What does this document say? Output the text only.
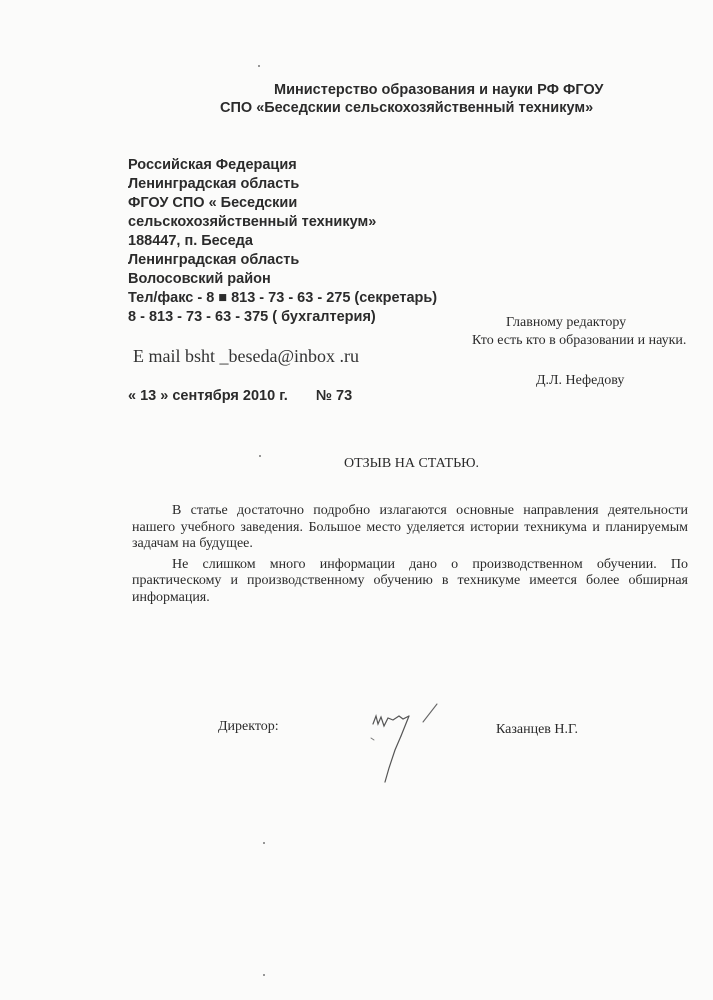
Министерство образования и науки РФ ФГОУ
СПО «Беседскии сельскохозяйственный техникум»
Российская Федерация
Ленинградская область
ФГОУ СПО « Беседскии
сельскохозяйственный техникум»
188447, п. Беседа
Ленинградская область
Волосовский район
Тел/факс - 8 ■ 813 - 73 - 63 - 275 (секретарь)
8 - 813 - 73 - 63 - 375 ( бухгалтерия)	Главному редактору
Кто есть кто в образовании и науки.
Д.Л. Нефедову
E mail bsht _beseda@inbox .ru
« 13 » сентября 2010 г. № 73
ОТЗЫВ НА СТАТЬЮ.

В статье достаточно подробно излагаются основные направления деятельности нашего учебного заведения. Большое место уделяется истории техникума и планируемым задачам на будущее.

Не слишком много информации дано о производственном обучении. По практическому и производственному обучению в техникуме имеется более обширная информация.

Директор:	Казанцев Н.Г.
